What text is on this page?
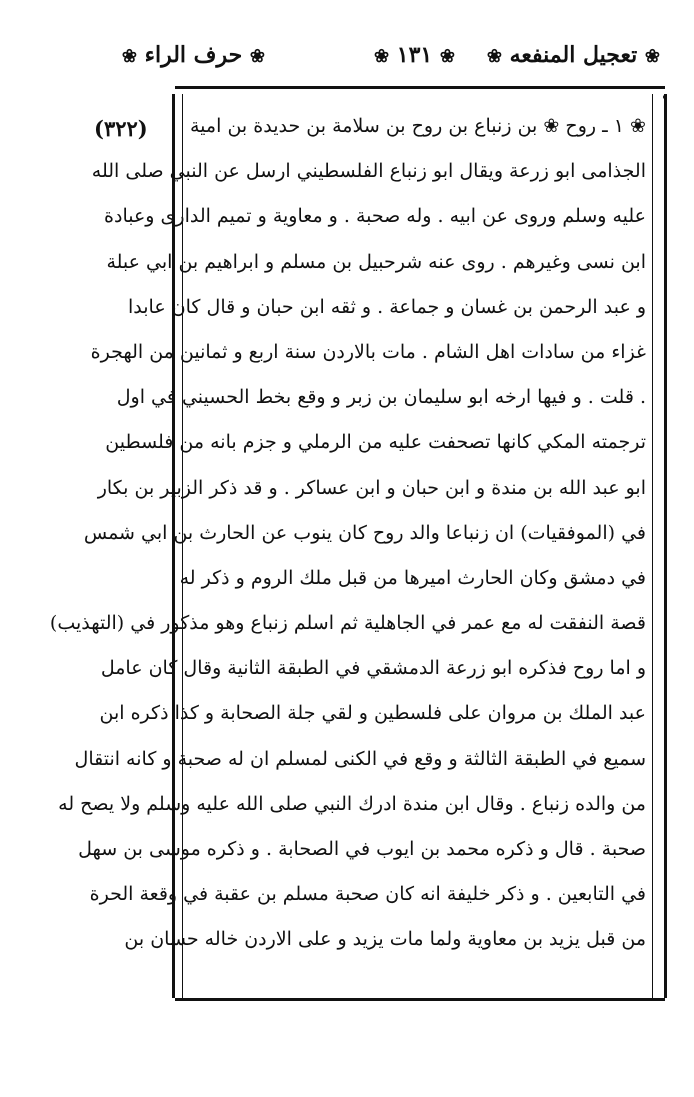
❀ تعجيل المنفعه ❀
❀ ١٣١ ❀
❀ حرف الراء ❀
(٣٢٢) ❀ ١ ـ روح ❀ بن زنباع بن روح بن سلامة بن حديدة بن امية
الجذامى ابو زرعة ويقال ابو زنباع الفلسطيني ارسل عن النبي صلى الله
عليه وسلم وروى عن ابيه . وله صحبة . و معاوية و تميم الدارى وعبادة
ابن نسى وغيرهم . روى عنه شرحبيل بن مسلم و ابراهيم بن ابي عبلة
و عبد الرحمن بن غسان و جماعة . و ثقه ابن حبان و قال كان عابدا
غزاء من سادات اهل الشام . مات بالاردن سنة اربع و ثمانين من الهجرة
. قلت . و فيها ارخه ابو سليمان بن زبر و وقع بخط الحسيني في اول
ترجمته المكي كانها تصحفت عليه من الرملي و جزم بانه من فلسطين
ابو عبد الله بن مندة و ابن حبان و ابن عساكر . و قد ذكر الزبير بن بكار
في (الموفقيات) ان زنباعا والد روح كان ينوب عن الحارث بن ابي شمس
في دمشق وكان الحارث اميرها من قبل ملك الروم و ذكر له
قصة النفقت له مع عمر في الجاهلية ثم اسلم زنباع وهو مذكور في (التهذيب)
و اما روح فذكره ابو زرعة الدمشقي في الطبقة الثانية وقال كان عامل
عبد الملك بن مروان على فلسطين و لقي جلة الصحابة و كذا ذكره ابن
سميع في الطبقة الثالثة و وقع في الكنى لمسلم ان له صحبة و كانه انتقال
من والده زنباع . وقال ابن مندة ادرك النبي صلى الله عليه وسلم ولا يصح له
صحبة . قال و ذكره محمد بن ايوب في الصحابة . و ذكره موسى بن سهل
في التابعين . و ذكر خليفة انه كان صحبة مسلم بن عقبة في وقعة الحرة
من قبل يزيد بن معاوية ولما مات يزيد و على الاردن خاله حسان بن
